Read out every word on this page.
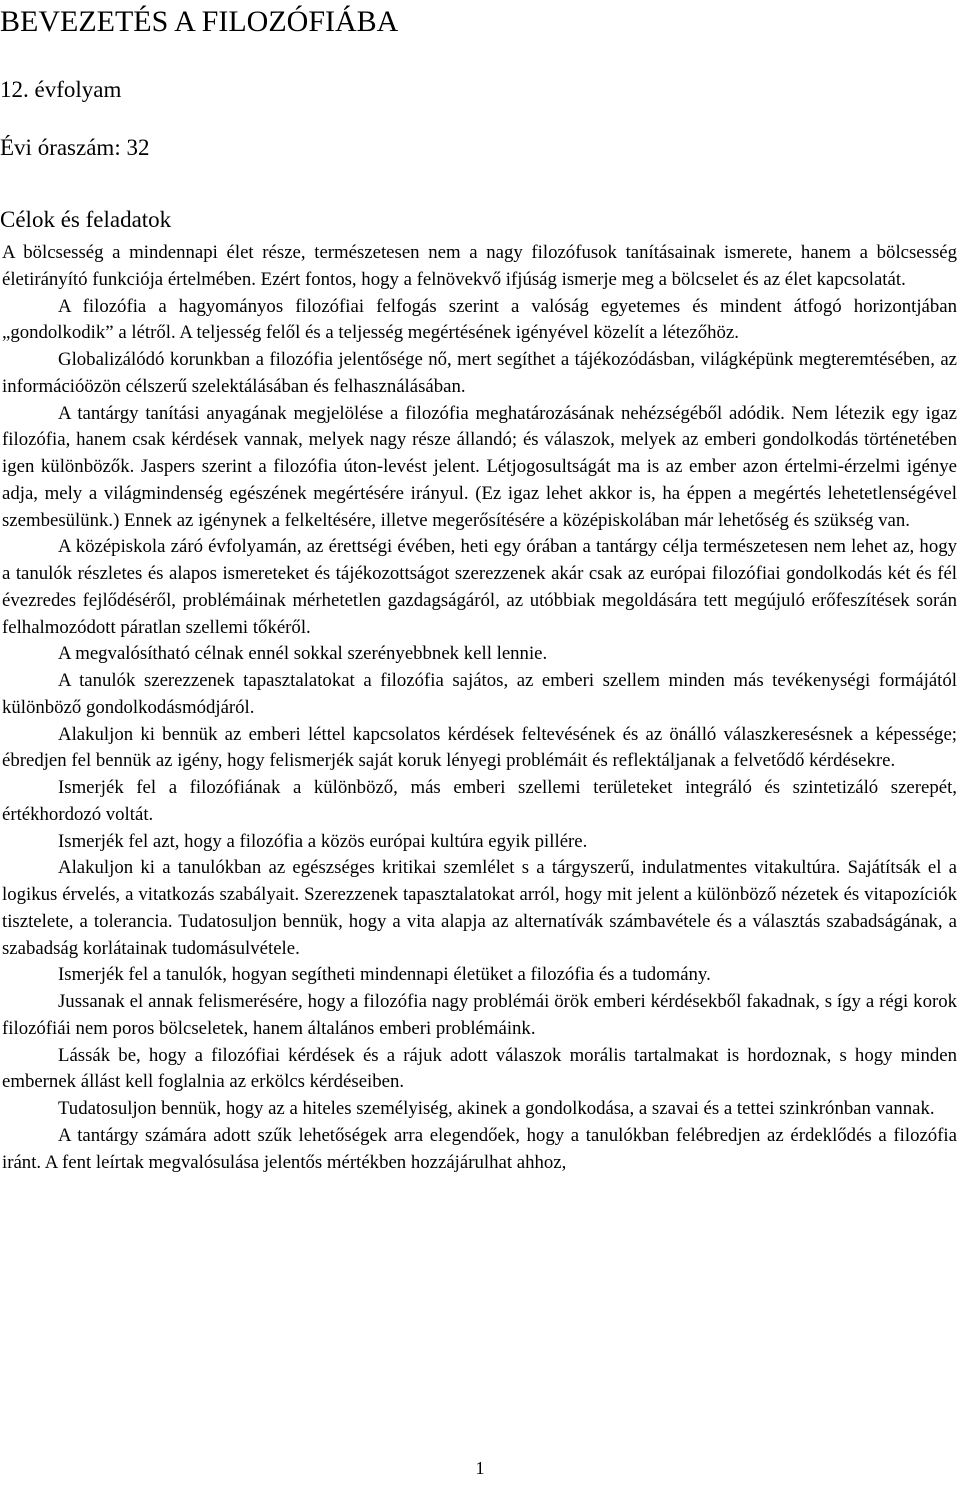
BEVEZETÉS A FILOZÓFIÁBA

12. évfolyam

Évi óraszám: 32

Célok és feladatok

A bölcsesség a mindennapi élet része, természetesen nem a nagy filozófusok tanításainak ismerete, hanem a bölcsesség életirányító funkciója értelmében. Ezért fontos, hogy a felnövekvő ifjúság ismerje meg a bölcselet és az élet kapcsolatát.

A filozófia a hagyományos filozófiai felfogás szerint a valóság egyetemes és mindent átfogó horizontjában „gondolkodik” a létről. A teljesség felől és a teljesség megértésének igényével közelít a létezőhöz.

Globalizálódó korunkban a filozófia jelentősége nő, mert segíthet a tájékozódásban, világképünk megteremtésében, az információözön célszerű szelektálásában és felhasználásában.

A tantárgy tanítási anyagának megjelölése a filozófia meghatározásának nehézségéből adódik. Nem létezik egy igaz filozófia, hanem csak kérdések vannak, melyek nagy része állandó; és válaszok, melyek az emberi gondolkodás történetében igen különbözők. Jaspers szerint a filozófia úton-levést jelent. Létjogosultságát ma is az ember azon értelmi-érzelmi igénye adja, mely a világmindenség egészének megértésére irányul. (Ez igaz lehet akkor is, ha éppen a megértés lehetetlenségével szembesülünk.) Ennek az igénynek a felkeltésére, illetve megerősítésére a középiskolában már lehetőség és szükség van.

A középiskola záró évfolyamán, az érettségi évében, heti egy órában a tantárgy célja természetesen nem lehet az, hogy a tanulók részletes és alapos ismereteket és tájékozottságot szerezzenek akár csak az európai filozófiai gondolkodás két és fél évezredes fejlődéséről, problémáinak mérhetetlen gazdagságáról, az utóbbiak megoldására tett megújuló erőfeszítések során felhalmozódott páratlan szellemi tőkéről.

A megvalósítható célnak ennél sokkal szerényebbnek kell lennie.

A tanulók szerezzenek tapasztalatokat a filozófia sajátos, az emberi szellem minden más tevékenységi formájától különböző gondolkodásmódjáról.

Alakuljon ki bennük az emberi léttel kapcsolatos kérdések feltevésének és az önálló válaszkeresésnek a képessége; ébredjen fel bennük az igény, hogy felismerjék saját koruk lényegi problémáit és reflektáljanak a felvetődő kérdésekre.

Ismerjék fel a filozófiának a különböző, más emberi szellemi területeket integráló és szintetizáló szerepét, értékhordozó voltát.

Ismerjék fel azt, hogy a filozófia a közös európai kultúra egyik pillére.

Alakuljon ki a tanulókban az egészséges kritikai szemlélet s a tárgyszerű, indulatmentes vitakultúra. Sajátítsák el a logikus érvelés, a vitatkozás szabályait. Szerezzenek tapasztalatokat arról, hogy mit jelent a különböző nézetek és vitapozíciók tisztelete, a tolerancia. Tudatosuljon bennük, hogy a vita alapja az alternatívák számbavétele és a választás szabadságának, a szabadság korlátainak tudomásulvétele.

Ismerjék fel a tanulók, hogyan segítheti mindennapi életüket a filozófia és a tudomány.

Jussanak el annak felismerésére, hogy a filozófia nagy problémái örök emberi kérdésekből fakadnak, s így a régi korok filozófiái nem poros bölcseletek, hanem általános emberi problémáink.

Lássák be, hogy a filozófiai kérdések és a rájuk adott válaszok morális tartalmakat is hordoznak, s hogy minden embernek állást kell foglalnia az erkölcs kérdéseiben.

Tudatosuljon bennük, hogy az a hiteles személyiség, akinek a gondolkodása, a szavai és a tettei szinkrónban vannak.

A tantárgy számára adott szűk lehetőségek arra elegendőek, hogy a tanulókban felébredjen az érdeklődés a filozófia iránt. A fent leírtak megvalósulása jelentős mértékben hozzájárulhat ahhoz,

1
